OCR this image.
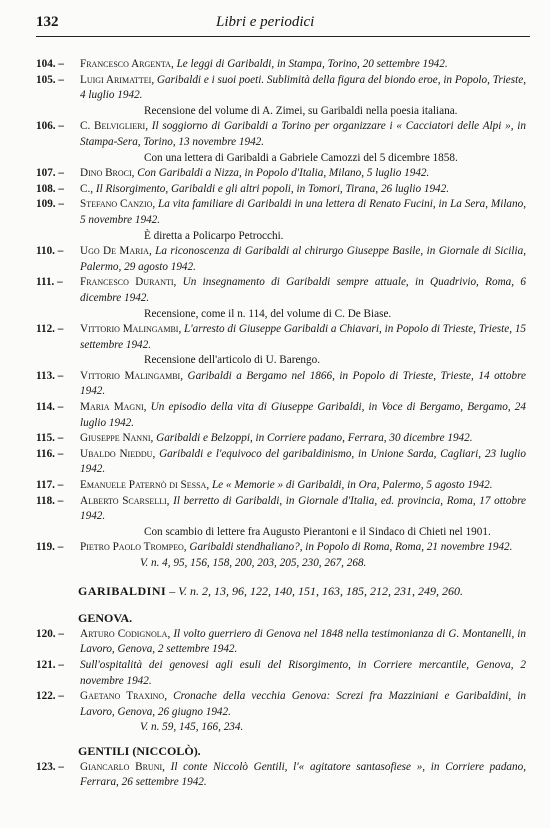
132	Libri e periodici
104. – Francesco Argenta, Le leggi di Garibaldi, in Stampa, Torino, 20 settembre 1942.
105. – Luigi Arimattei, Garibaldi e i suoi poeti. Sublimità della figura del biondo eroe, in Popolo, Trieste, 4 luglio 1942.
Recensione del volume di A. Zimei, su Garibaldi nella poesia italiana.
106. – C. Belviglieri, Il soggiorno di Garibaldi a Torino per organizzare i « Cacciatori delle Alpi », in Stampa-Sera, Torino, 13 novembre 1942.
Con una lettera di Garibaldi a Gabriele Camozzi del 5 dicembre 1858.
107. – Dino Broci, Con Garibaldi a Nizza, in Popolo d'Italia, Milano, 5 luglio 1942.
108. – C., Il Risorgimento, Garibaldi e gli altri popoli, in Tomori, Tirana, 26 luglio 1942.
109. – Stefano Canzio, La vita familiare di Garibaldi in una lettera di Renato Fucini, in La Sera, Milano, 5 novembre 1942.
È diretta a Policarpo Petrocchi.
110. – Ugo De Maria, La riconoscenza di Garibaldi al chirurgo Giuseppe Basile, in Giornale di Sicilia, Palermo, 29 agosto 1942.
111. – Francesco Duranti, Un insegnamento di Garibaldi sempre attuale, in Quadrivio, Roma, 6 dicembre 1942.
Recensione, come il n. 114, del volume di C. De Biase.
112. – Vittorio Malingambi, L'arresto di Giuseppe Garibaldi a Chiavari, in Popolo di Trieste, Trieste, 15 settembre 1942.
Recensione dell'articolo di U. Barengo.
113. – Vittorio Malingambi, Garibaldi a Bergamo nel 1866, in Popolo di Trieste, Trieste, 14 ottobre 1942.
114. – Maria Magni, Un episodio della vita di Giuseppe Garibaldi, in Voce di Bergamo, Bergamo, 24 luglio 1942.
115. – Giuseppe Nanni, Garibaldi e Belzoppi, in Corriere padano, Ferrara, 30 dicembre 1942.
116. – Ubaldo Nieddu, Garibaldi e l'equivoco del garibaldinismo, in Unione Sarda, Cagliari, 23 luglio 1942.
117. – Emanuele Paternò di Sessa, Le « Memorie » di Garibaldi, in Ora, Palermo, 5 agosto 1942.
118. – Alberto Scarselli, Il berretto di Garibaldi, in Giornale d'Italia, ed. provincia, Roma, 17 ottobre 1942.
Con scambio di lettere fra Augusto Pierantoni e il Sindaco di Chieti nel 1901.
119. – Pietro Paolo Trompeo, Garibaldi stendhaliano?, in Popolo di Roma, Roma, 21 novembre 1942.
V. n. 4, 95, 156, 158, 200, 203, 205, 230, 267, 268.
GARIBALDINI – V. n. 2, 13, 96, 122, 140, 151, 163, 185, 212, 231, 249, 260.
GENOVA.
120. – Arturo Codignola, Il volto guerriero di Genova nel 1848 nella testimonianza di G. Montanelli, in Lavoro, Genova, 2 settembre 1942.
121. – Sull'ospitalità dei genovesi agli esuli del Risorgimento, in Corriere mercantile, Genova, 2 novembre 1942.
122. – Gaetano Traxino, Cronache della vecchia Genova: Screzi fra Mazziniani e Garibaldini, in Lavoro, Genova, 26 giugno 1942.
V. n. 59, 145, 166, 234.
GENTILI (NICCOLÒ).
123. – Giancarlo Bruni, Il conte Niccolò Gentili, l'« agitatore santasofiese », in Corriere padano, Ferrara, 26 settembre 1942.
